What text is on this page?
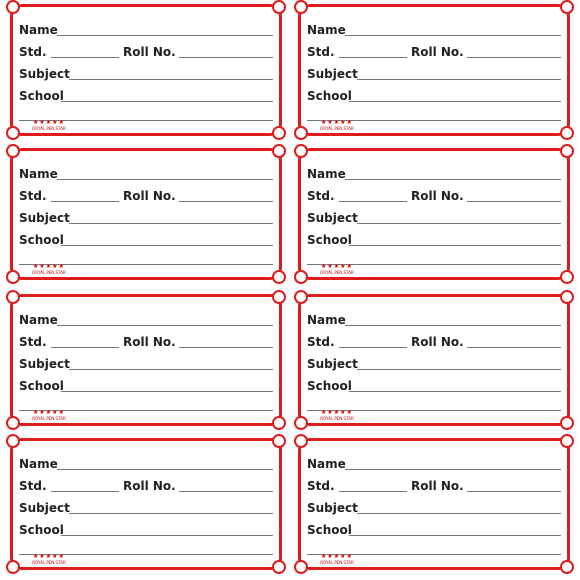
Name
Std.	Roll No.
Subject
School
★★★★★
ROYAL PEN STAR
Name
Std.	Roll No.
Subject
School
★★★★★
ROYAL PEN STAR
Name
Std.	Roll No.
Subject
School
★★★★★
ROYAL PEN STAR
Name
Std.	Roll No.
Subject
School
★★★★★
ROYAL PEN STAR
Name
Std.	Roll No.
Subject
School
★★★★★
ROYAL PEN STAR
Name
Std.	Roll No.
Subject
School
★★★★★
ROYAL PEN STAR
Name
Std.	Roll No.
Subject
School
★★★★★
ROYAL PEN STAR
Name
Std.	Roll No.
Subject
School
★★★★★
ROYAL PEN STAR
